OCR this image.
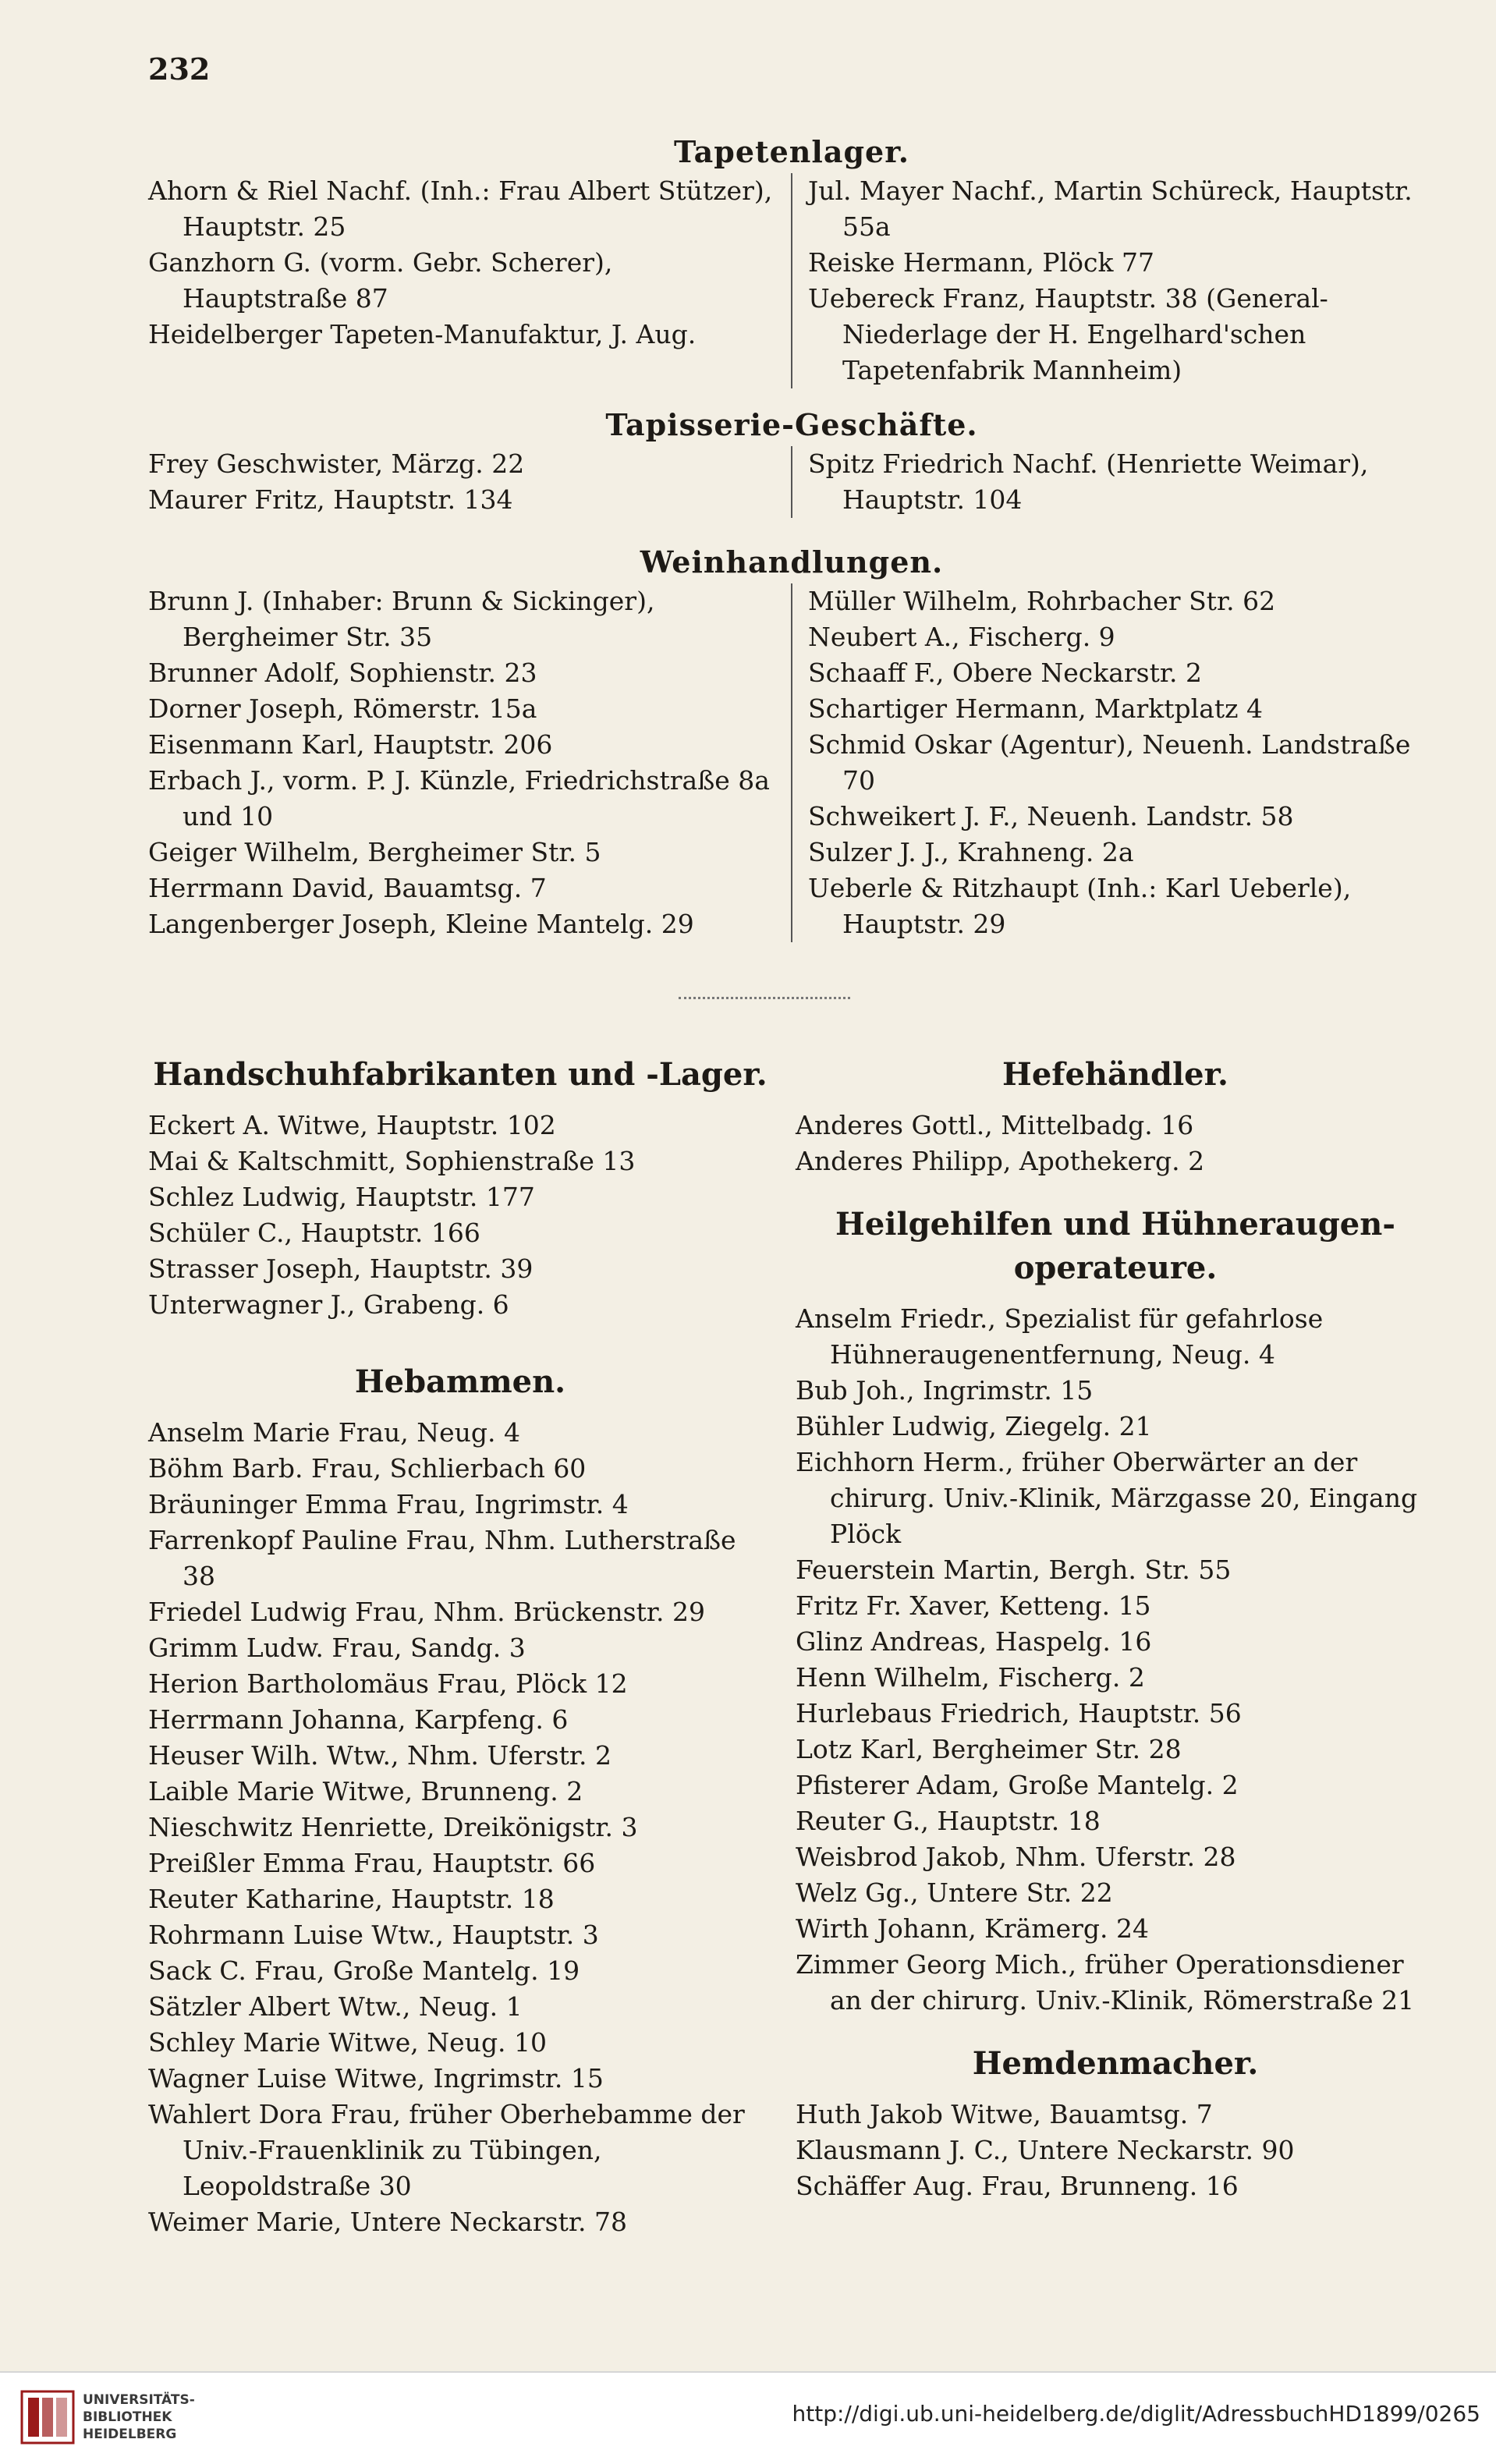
232
Tapetenlager.

Ahorn & Riel Nachf. (Inh.: Frau Albert Stützer), Hauptstr. 25

Ganzhorn G. (vorm. Gebr. Scherer), Hauptstraße 87

Heidelberger Tapeten-Manufaktur, J. Aug.

Jul. Mayer Nachf., Martin Schüreck, Hauptstr. 55a

Reiske Hermann, Plöck 77

Uebereck Franz, Hauptstr. 38 (General-Niederlage der H. Engelhard'schen Tapetenfabrik Mannheim)

Tapisserie-Geschäfte.

Frey Geschwister, Märzg. 22

Maurer Fritz, Hauptstr. 134

Spitz Friedrich Nachf. (Henriette Weimar), Hauptstr. 104

Weinhandlungen.

Brunn J. (Inhaber: Brunn & Sickinger), Bergheimer Str. 35

Brunner Adolf, Sophienstr. 23

Dorner Joseph, Römerstr. 15a

Eisenmann Karl, Hauptstr. 206

Erbach J., vorm. P. J. Künzle, Friedrichstraße 8a und 10

Geiger Wilhelm, Bergheimer Str. 5

Herrmann David, Bauamtsg. 7

Langenberger Joseph, Kleine Mantelg. 29

Müller Wilhelm, Rohrbacher Str. 62

Neubert A., Fischerg. 9

Schaaff F., Obere Neckarstr. 2

Schartiger Hermann, Marktplatz 4

Schmid Oskar (Agentur), Neuenh. Landstraße 70

Schweikert J. F., Neuenh. Landstr. 58

Sulzer J. J., Krahneng. 2a

Ueberle & Ritzhaupt (Inh.: Karl Ueberle), Hauptstr. 29

Handschuhfabrikanten und -Lager.

Eckert A. Witwe, Hauptstr. 102

Mai & Kaltschmitt, Sophienstraße 13

Schlez Ludwig, Hauptstr. 177

Schüler C., Hauptstr. 166

Strasser Joseph, Hauptstr. 39

Unterwagner J., Grabeng. 6

Hebammen.

Anselm Marie Frau, Neug. 4

Böhm Barb. Frau, Schlierbach 60

Bräuninger Emma Frau, Ingrimstr. 4

Farrenkopf Pauline Frau, Nhm. Lutherstraße 38

Friedel Ludwig Frau, Nhm. Brückenstr. 29

Grimm Ludw. Frau, Sandg. 3

Herion Bartholomäus Frau, Plöck 12

Herrmann Johanna, Karpfeng. 6

Heuser Wilh. Wtw., Nhm. Uferstr. 2

Laible Marie Witwe, Brunneng. 2

Nieschwitz Henriette, Dreikönigstr. 3

Preißler Emma Frau, Hauptstr. 66

Reuter Katharine, Hauptstr. 18

Rohrmann Luise Wtw., Hauptstr. 3

Sack C. Frau, Große Mantelg. 19

Sätzler Albert Wtw., Neug. 1

Schley Marie Witwe, Neug. 10

Wagner Luise Witwe, Ingrimstr. 15

Wahlert Dora Frau, früher Oberhebamme der Univ.-Frauenklinik zu Tübingen, Leopoldstraße 30

Weimer Marie, Untere Neckarstr. 78

Hefehändler.

Anderes Gottl., Mittelbadg. 16

Anderes Philipp, Apothekerg. 2

Heilgehilfen und Hühneraugen-operateure.

Anselm Friedr., Spezialist für gefahrlose Hühneraugenentfernung, Neug. 4

Bub Joh., Ingrimstr. 15

Bühler Ludwig, Ziegelg. 21

Eichhorn Herm., früher Oberwärter an der chirurg. Univ.-Klinik, Märzgasse 20, Eingang Plöck

Feuerstein Martin, Bergh. Str. 55

Fritz Fr. Xaver, Ketteng. 15

Glinz Andreas, Haspelg. 16

Henn Wilhelm, Fischerg. 2

Hurlebaus Friedrich, Hauptstr. 56

Lotz Karl, Bergheimer Str. 28

Pfisterer Adam, Große Mantelg. 2

Reuter G., Hauptstr. 18

Weisbrod Jakob, Nhm. Uferstr. 28

Welz Gg., Untere Str. 22

Wirth Johann, Krämerg. 24

Zimmer Georg Mich., früher Operationsdiener an der chirurg. Univ.-Klinik, Römerstraße 21

Hemdenmacher.

Huth Jakob Witwe, Bauamtsg. 7

Klausmann J. C., Untere Neckarstr. 90

Schäffer Aug. Frau, Brunneng. 16

UNIVERSITÄTS-
BIBLIOTHEK
HEIDELBERG
http://digi.ub.uni-heidelberg.de/diglit/AdressbuchHD1899/0265
